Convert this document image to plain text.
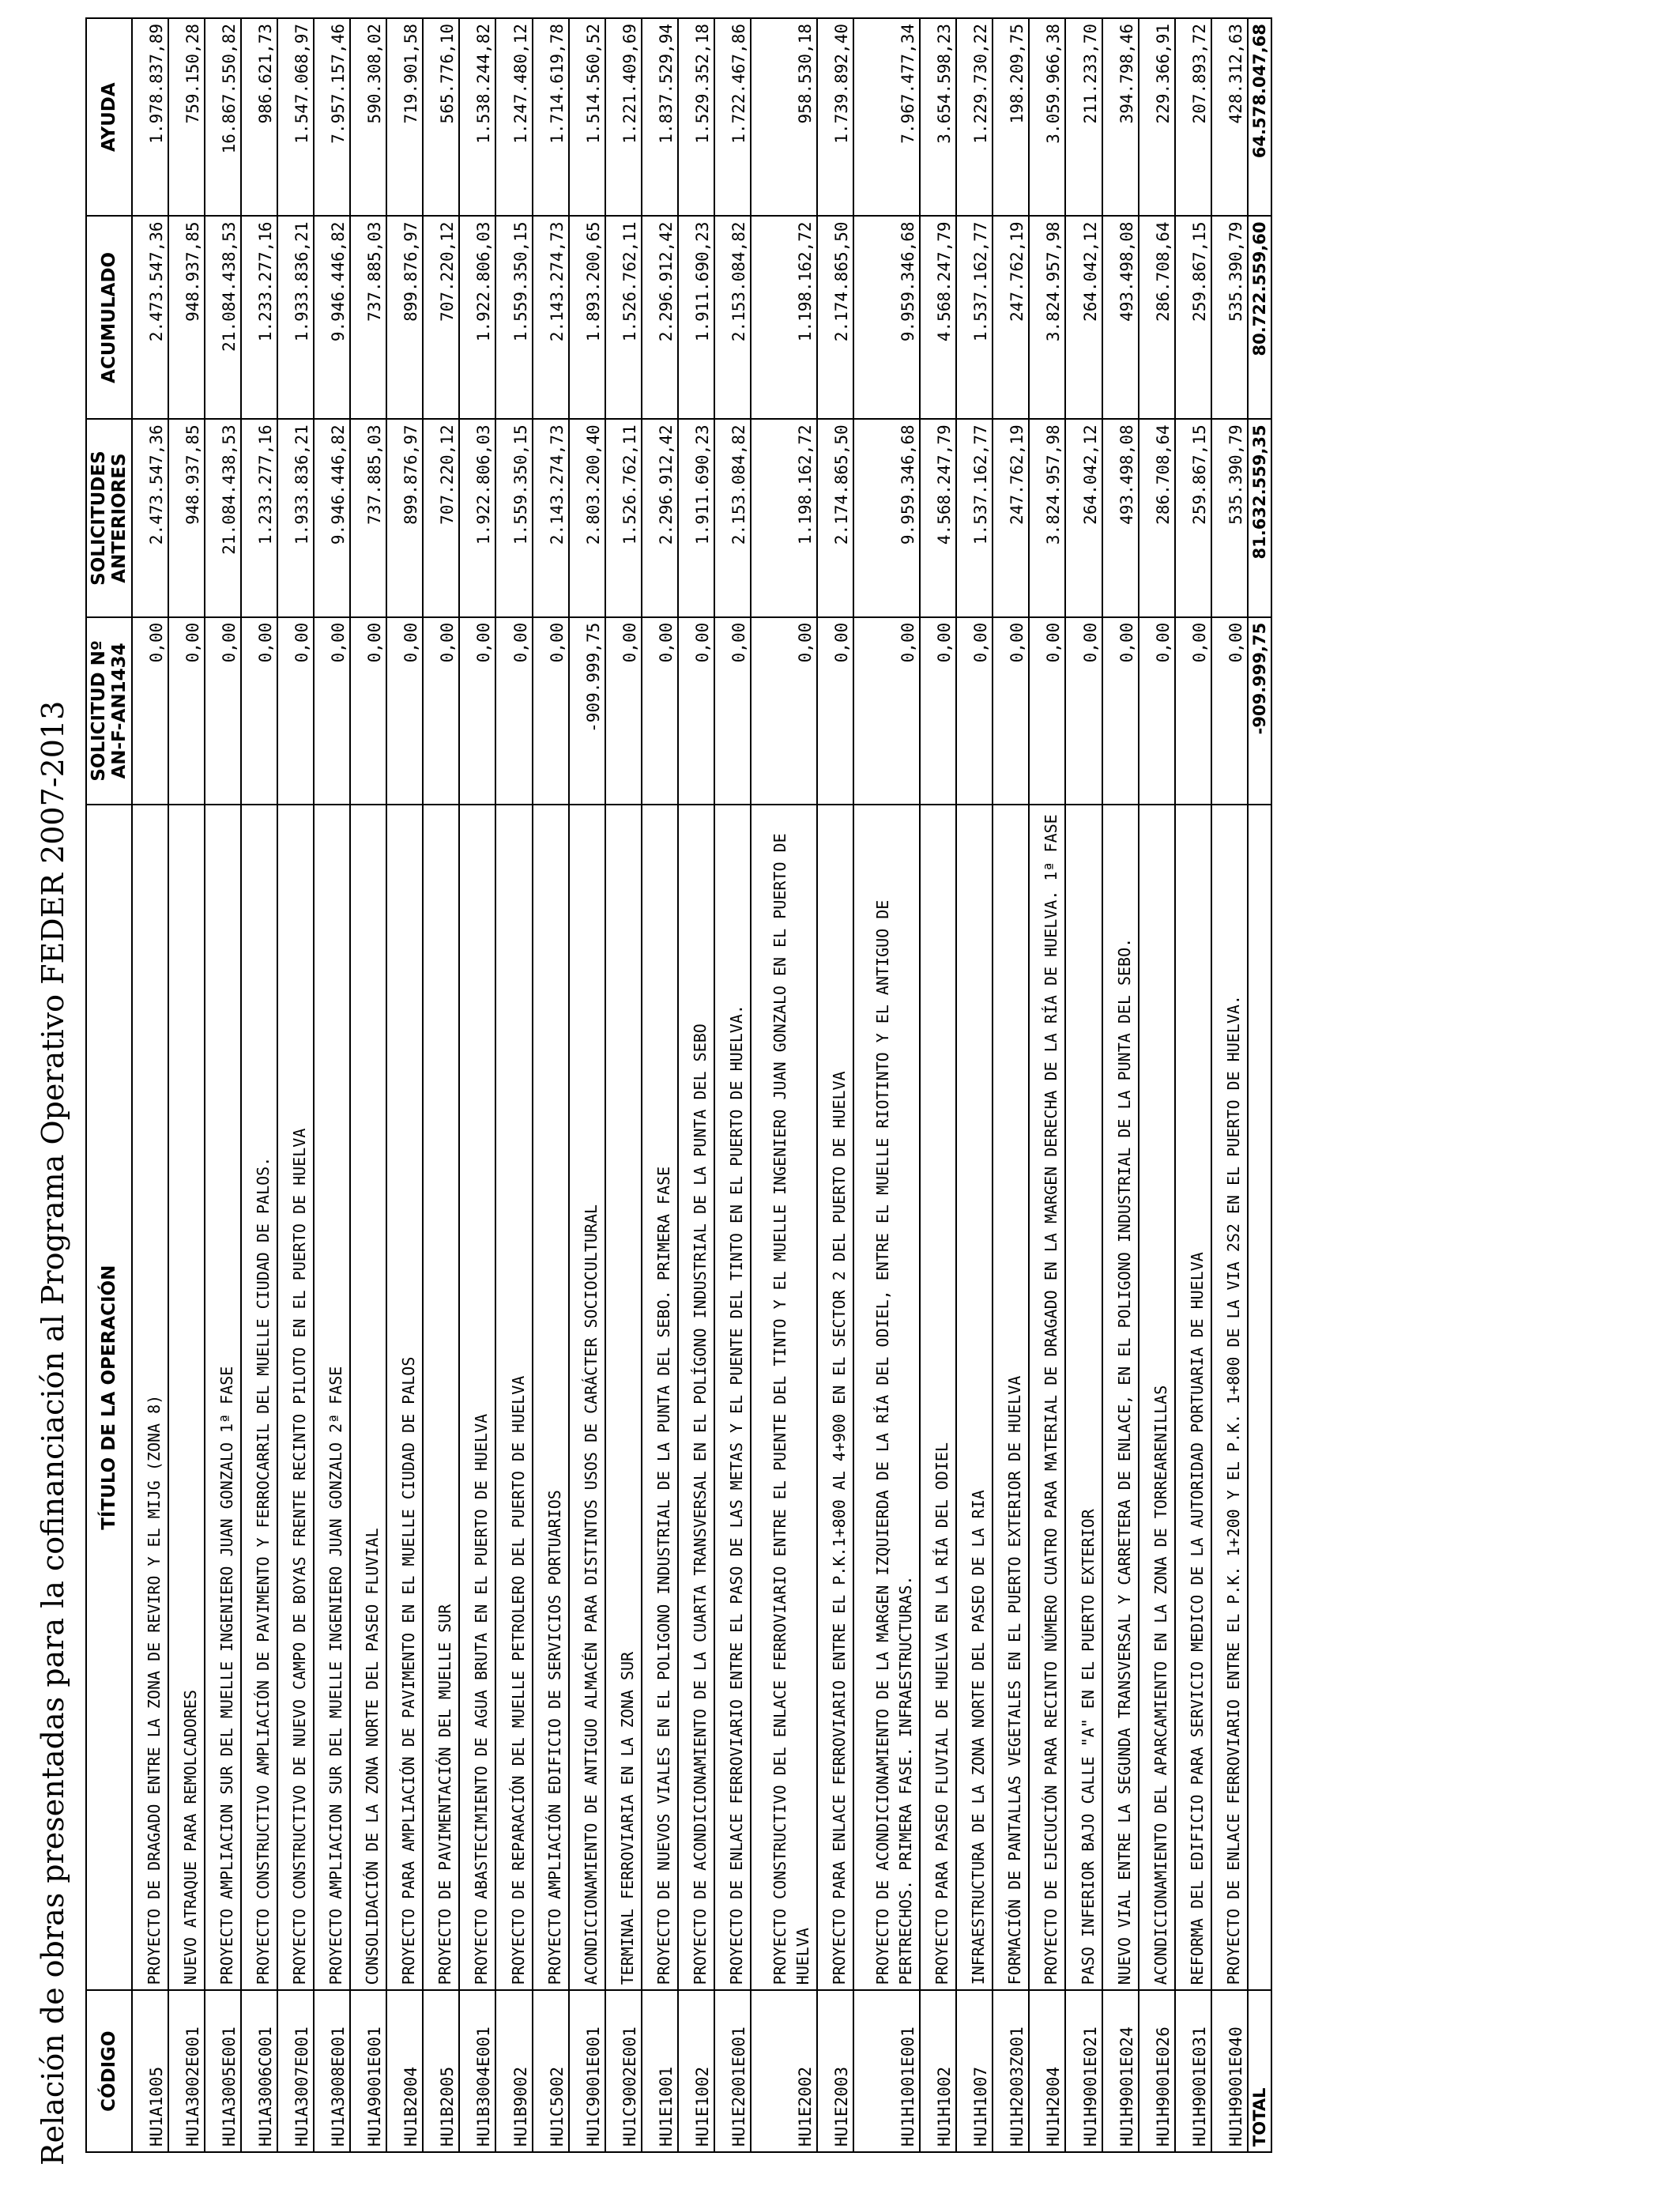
Relación de obras presentadas para la cofinanciación al Programa Operativo FEDER 2007-2013 CÓDIGO	TÍTULO DE LA OPERACIÓN	SOLICITUD Nº AN-F-AN1434	SOLICITUDES ANTERIORES	ACUMULADO	AYUDA
HU1A1005	PROYECTO DE DRAGADO ENTRE LA ZONA DE REVIRO Y EL MIJG (ZONA 8)	0,00	2.473.547,36	2.473.547,36	1.978.837,89
HU1A3002E001	NUEVO ATRAQUE PARA REMOLCADORES	0,00	948.937,85	948.937,85	759.150,28
HU1A3005E001	PROYECTO AMPLIACION SUR DEL MUELLE INGENIERO JUAN GONZALO 1ª FASE	0,00	21.084.438,53	21.084.438,53	16.867.550,82
HU1A3006C001	PROYECTO CONSTRUCTIVO AMPLIACIÓN DE PAVIMENTO Y FERROCARRIL DEL MUELLE CIUDAD DE PALOS.	0,00	1.233.277,16	1.233.277,16	986.621,73
HU1A3007E001	PROYECTO CONSTRUCTIVO DE NUEVO CAMPO DE BOYAS FRENTE RECINTO PILOTO EN EL PUERTO DE HUELVA	0,00	1.933.836,21	1.933.836,21	1.547.068,97
HU1A3008E001	PROYECTO AMPLIACION SUR DEL MUELLE INGENIERO JUAN GONZALO 2ª FASE	0,00	9.946.446,82	9.946.446,82	7.957.157,46
HU1A9001E001	CONSOLIDACIÓN DE LA ZONA NORTE DEL PASEO FLUVIAL	0,00	737.885,03	737.885,03	590.308,02
HU1B2004	PROYECTO PARA AMPLIACIÓN DE PAVIMENTO EN EL MUELLE CIUDAD DE PALOS	0,00	899.876,97	899.876,97	719.901,58
HU1B2005	PROYECTO DE PAVIMENTACIÓN DEL MUELLE SUR	0,00	707.220,12	707.220,12	565.776,10
HU1B3004E001	PROYECTO ABASTECIMIENTO DE AGUA BRUTA EN EL PUERTO DE HUELVA	0,00	1.922.806,03	1.922.806,03	1.538.244,82
HU1B9002	PROYECTO DE REPARACIÓN DEL MUELLE PETROLERO DEL PUERTO DE HUELVA	0,00	1.559.350,15	1.559.350,15	1.247.480,12
HU1C5002	PROYECTO AMPLIACIÓN EDIFICIO DE SERVICIOS PORTUARIOS	0,00	2.143.274,73	2.143.274,73	1.714.619,78
HU1C9001E001	ACONDICIONAMIENTO DE ANTIGUO ALMACÉN PARA DISTINTOS USOS DE CARÁCTER SOCIOCULTURAL	-909.999,75	2.803.200,40	1.893.200,65	1.514.560,52
HU1C9002E001	TERMINAL FERROVIARIA EN LA ZONA SUR	0,00	1.526.762,11	1.526.762,11	1.221.409,69
HU1E1001	PROYECTO DE NUEVOS VIALES EN EL POLIGONO INDUSTRIAL DE LA PUNTA DEL SEBO. PRIMERA FASE	0,00	2.296.912,42	2.296.912,42	1.837.529,94
HU1E1002	PROYECTO DE ACONDICIONAMIENTO DE LA CUARTA TRANSVERSAL EN EL POLÍGONO INDUSTRIAL DE LA PUNTA DEL SEBO	0,00	1.911.690,23	1.911.690,23	1.529.352,18
HU1E2001E001	PROYECTO DE ENLACE FERROVIARIO ENTRE EL PASO DE LAS METAS Y EL PUENTE DEL TINTO EN EL PUERTO DE HUELVA.	0,00	2.153.084,82	2.153.084,82	1.722.467,86
HU1E2002	PROYECTO CONSTRUCTIVO DEL ENLACE FERROVIARIO ENTRE EL PUENTE DEL TINTO Y EL MUELLE INGENIERO JUAN GONZALO EN EL PUERTO DE HUELVA	0,00	1.198.162,72	1.198.162,72	958.530,18
HU1E2003	PROYECTO PARA ENLACE FERROVIARIO ENTRE EL P.K.1+800 AL 4+900 EN EL SECTOR 2 DEL PUERTO DE HUELVA	0,00	2.174.865,50	2.174.865,50	1.739.892,40
HU1H1001E001	PROYECTO DE ACONDICIONAMIENTO DE LA MARGEN IZQUIERDA DE LA RÍA DEL ODIEL, ENTRE EL MUELLE RIOTINTO Y EL ANTIGUO DE PERTRECHOS. PRIMERA FASE. INFRAESTRUCTURAS.	0,00	9.959.346,68	9.959.346,68	7.967.477,34
HU1H1002	PROYECTO PARA PASEO FLUVIAL DE HUELVA EN LA RÍA DEL ODIEL	0,00	4.568.247,79	4.568.247,79	3.654.598,23
HU1H1007	INFRAESTRUCTURA DE LA ZONA NORTE DEL PASEO DE LA RIA	0,00	1.537.162,77	1.537.162,77	1.229.730,22
HU1H2003Z001	FORMACIÓN DE PANTALLAS VEGETALES EN EL PUERTO EXTERIOR DE HUELVA	0,00	247.762,19	247.762,19	198.209,75
HU1H2004	PROYECTO DE EJECUCIÓN PARA RECINTO NÚMERO CUATRO PARA MATERIAL DE DRAGADO EN LA MARGEN DERECHA DE LA RÍA DE HUELVA. 1ª FASE	0,00	3.824.957,98	3.824.957,98	3.059.966,38
HU1H9001E021	PASO INFERIOR BAJO CALLE "A" EN EL PUERTO EXTERIOR	0,00	264.042,12	264.042,12	211.233,70
HU1H9001E024	NUEVO VIAL ENTRE LA SEGUNDA TRANSVERSAL Y CARRETERA DE ENLACE, EN EL POLIGONO INDUSTRIAL DE LA PUNTA DEL SEBO.	0,00	493.498,08	493.498,08	394.798,46
HU1H9001E026	ACONDICIONAMIENTO DEL APARCAMIENTO EN LA ZONA DE TORREARENILLAS	0,00	286.708,64	286.708,64	229.366,91
HU1H9001E031	REFORMA DEL EDIFICIO PARA SERVICIO MEDICO DE LA AUTORIDAD PORTUARIA DE HUELVA	0,00	259.867,15	259.867,15	207.893,72
HU1H9001E040	PROYECTO DE ENLACE FERROVIARIO ENTRE EL P.K. 1+200 Y EL P.K. 1+800 DE LA VIA 2S2 EN EL PUERTO DE HUELVA.	0,00	535.390,79	535.390,79	428.312,63
TOTAL		-909.999,75	81.632.559,35	80.722.559,60	64.578.047,68
